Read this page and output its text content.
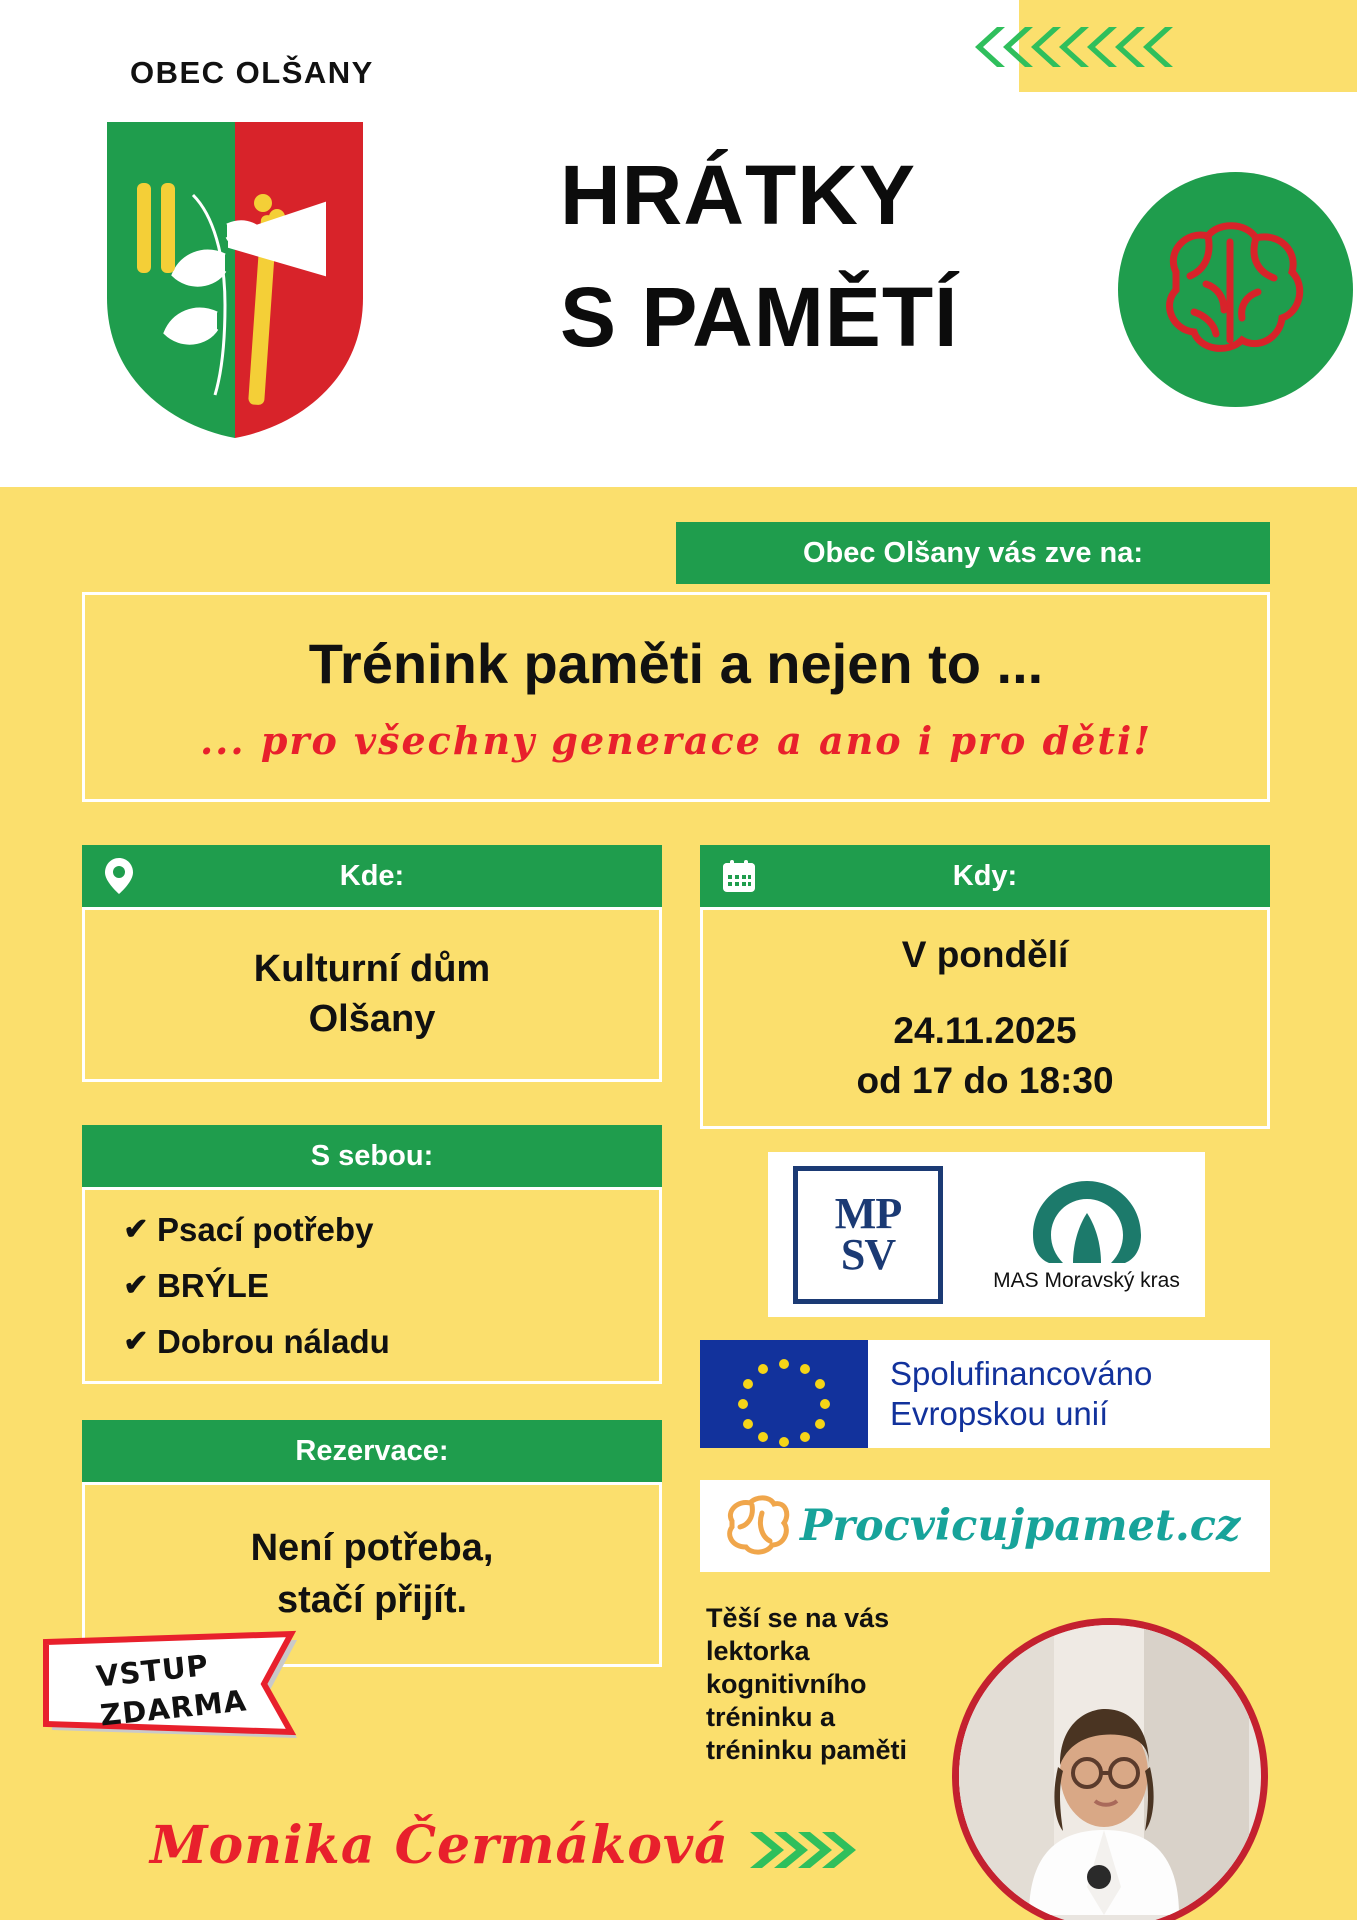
OBEC OLŠANY
HRÁTKY
S PAMĚTÍ
Obec Olšany vás zve na:
Trénink paměti a nejen to ...
... pro všechny generace a ano i pro děti!
Kde:
Kulturní dům
Olšany
Kdy:
V pondělí
24.11.2025
od 17 do 18:30
S sebou:
✔ Psací potřeby
✔ BRÝLE
✔ Dobrou náladu
Rezervace:
Není potřeba,
stačí přijít.
MP
SV
MAS Moravský kras
Spolufinancováno
Evropskou unií
Procvicujpamet.cz
Těší se na vás lektorka kognitivního tréninku a tréninku paměti
VSTUP
ZDARMA
Monika Čermáková
